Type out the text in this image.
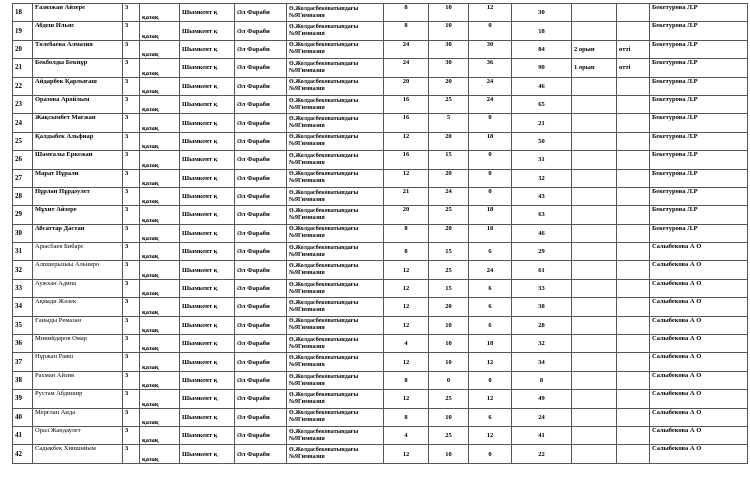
18	Ғазизжан Айзере	3	қазақ	Шымкент қ	Әл Фараби	Ө.Жолдасбековатындағы №9Гимназия	8	10	12	30			Бекетурова Л.Р
19	Абдеш Ильяс	3	қазақ	Шымкент қ	Әл Фараби	Ө.Жолдасбековатындағы №9Гимназия	8	10	0	18			Бекетурова Л.Р
20	Төлебаева Алмазия	3	қазақ	Шымкент қ	Әл Фараби	Ө.Жолдасбековатындағы №9Гимназия	24	30	30	84	2 орын	өтті	Бекетурова Л.Р
21	Бекболды Бекнұр	3	қазақ	Шымкент қ	Әл Фараби	Ө.Жолдасбековатындағы №9Гимназия	24	30	36	90	1 орын	өтті	Бекетурова Л.Р
22	Айдарбек Қарлығаш	3	қазақ	Шымкент қ	Әл Фараби	Ө.Жолдасбековатындағы №9Гимназия	20	20	24	46			Бекетурова Л.Р
23	Оразова Аройлым	3	қазақ	Шымкент қ	Әл Фараби	Ө.Жолдасбековатындағы №9Гимназия	16	25	24	65			Бекетурова Л.Р
24	Жақсымбет Мағжан	3	қазақ	Шымкент қ	Әл Фараби	Ө.Жолдасбековатындағы №9Гимназия	16	5	0	21			Бекетурова Л.Р
25	Қалдыбек Альфиар	3	қазақ	Шымкент қ	Әл Фараби	Ө.Жолдасбековатындағы №9Гимназия	12	20	18	50			Бекетурова Л.Р
26	Шамғалы Еркежан	3	қазақ	Шымкент қ	Әл Фараби	Ө.Жолдасбековатындағы №9Гимназия	16	15	0	31			Бекетурова Л.Р
27	Марат Нұрали	3	қазақ	Шымкент қ	Әл Фараби	Ө.Жолдасбековатындағы №9Гимназия	12	20	0	32			Бекетурова Л.Р
28	Нұрлан Нұрдәулет	3	қазақ	Шымкент қ	Әл Фараби	Ө.Жолдасбековатындағы №9Гимназия	21	24	0	43			Бекетурова Л.Р
29	Мұхит Айзере	3	қазақ	Шымкент қ	Әл Фараби	Ө.Жолдасбековатындағы №9Гимназия	20	25	18	63			Бекетурова Л.Р
30	Абсаттар Дастан	3	қазақ	Шымкент қ	Әл Фараби	Ө.Жолдасбековатындағы №9Гимназия	8	20	18	46			Бекетурова Л.Р
31	Арысбаев Бибарс	3	қазақ	Шымкент қ	Әл Фараби	Ө.Жолдасбековатындағы №9Гимназия	8	15	6	29			Салыбекова А О
32	Алпшерызыы Альниро	3	қазақ	Шымкент қ	Әл Фараби	Ө.Жолдасбековатындағы №9Гимназия	12	25	24	61			Салыбекова А О
33	Аужхан Адина	3	қазақ	Шымкент қ	Әл Фараби	Ө.Жолдасбековатындағы №9Гимназия	12	15	6	33			Салыбекова А О
34	Ақмади Жәлек	3	қазақ	Шымкент қ	Әл Фараби	Ө.Жолдасбековатындағы №9Гимназия	12	20	6	38			Салыбекова А О
35	Ғаныды Ремазан	3	қазақ	Шымкент қ	Әл Фараби	Ө.Жолдасбековатындағы №9Гимназия	12	10	6	28			Салыбекова А О
36	Мниийдаров Омар	3	қазақ	Шымкент қ	Әл Фараби	Ө.Жолдасбековатындағы №9Гимназия	4	10	18	32			Салыбекова А О
37	Нұржан Раяш	3	қазақ	Шымкент қ	Әл Фараби	Ө.Жолдасбековатындағы №9Гимназия	12	10	12	34			Салыбекова А О
38	Рахман Айзия	3	қазақ	Шымкент қ	Әл Фараби	Ө.Жолдасбековатындағы №9Гимназия	8	0	0	8			Салыбекова А О
39	Рустам Абдишир	3	қазақ	Шымкент қ	Әл Фараби	Ө.Жолдасбековатындағы №9Гимназия	12	25	12	49			Салыбекова А О
40	Мерғлан Аида	3	қазақ	Шымкент қ	Әл Фараби	Ө.Жолдасбековатындағы №9Гимназия	8	10	6	24			Салыбекова А О
41	Орал Жандаулет	3	қазақ	Шымкент қ	Әл Фараби	Ө.Жолдасбековатындағы №9Гимназия	4	25	12	41			Салыбекова А О
42	Садыкбек Хиншийым	3	қазақ	Шымкент қ	Әл Фараби	Ө.Жолдасбековатындағы №9Гимназия	12	10	0	22			Салыбекова А О
